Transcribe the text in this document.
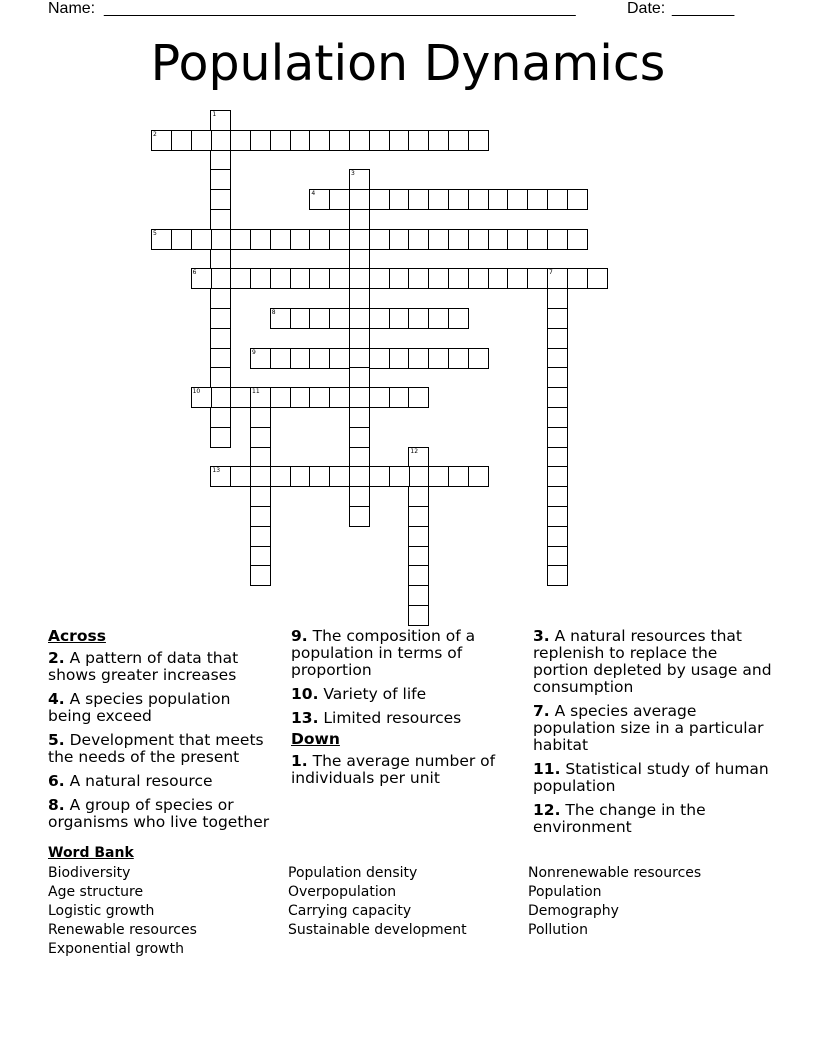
Name: _____________________________________________________	Date: _______
Population Dynamics
1
2
3
4
5
6	7
8
9
10	11
12
13
Across
2. A pattern of data that shows greater increases
4. A species population being exceed
5. Development that meets the needs of the present
6. A natural resource
8. A group of species or organisms who live together
9. The composition of a population in terms of proportion
10. Variety of life
13. Limited resources
Down
1. The average number of individuals per unit
3. A natural resources that replenish to replace the portion depleted by usage and consumption
7. A species average population size in a particular habitat
11. Statistical study of human population
12. The change in the environment
Word Bank
Biodiversity
Age structure
Logistic growth
Renewable resources
Exponential growth
Population density
Overpopulation
Carrying capacity
Sustainable development
Nonrenewable resources
Population
Demography
Pollution
